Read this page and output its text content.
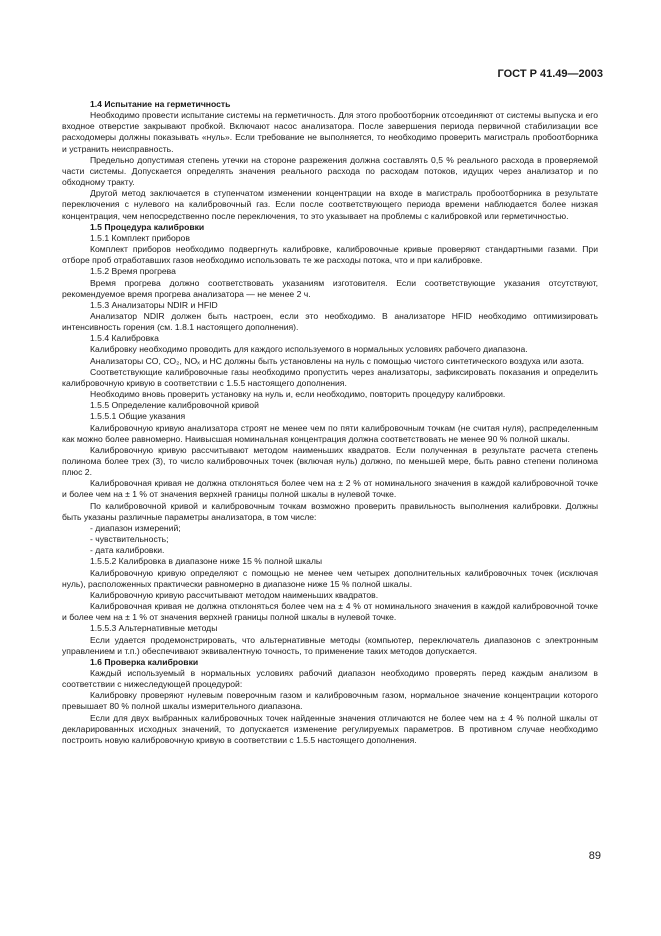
ГОСТ Р 41.49—2003

1.4 Испытание на герметичность

Необходимо провести испытание системы на герметичность. Для этого пробоотборник отсоединяют от системы выпуска и его входное отверстие закрывают пробкой. Включают насос анализатора. После завершения периода первичной стабилизации все расходомеры должны показывать «нуль». Если требование не выполняется, то необходимо проверить магистраль пробоотборника и устранить неисправность.

Предельно допустимая степень утечки на стороне разрежения должна составлять 0,5 % реального расхода в проверяемой части системы. Допускается определять значения реального расхода по расходам потоков, идущих через анализатор и по обходному тракту.

Другой метод заключается в ступенчатом изменении концентрации на входе в магистраль пробоотборника в результате переключения с нулевого на калибровочный газ. Если после соответствующего периода времени наблюдается более низкая концентрация, чем непосредственно после переключения, то это указывает на проблемы с калибровкой или герметичностью.

1.5 Процедура калибровки

1.5.1 Комплект приборов

Комплект приборов необходимо подвергнуть калибровке, калибровочные кривые проверяют стандартными газами. При отборе проб отработавших газов необходимо использовать те же расходы потока, что и при калибровке.

1.5.2 Время прогрева

Время прогрева должно соответствовать указаниям изготовителя. Если соответствующие указания отсутствуют, рекомендуемое время прогрева анализатора — не менее 2 ч.

1.5.3 Анализаторы NDIR и HFID

Анализатор NDIR должен быть настроен, если это необходимо. В анализаторе HFID необходимо оптимизировать интенсивность горения (см. 1.8.1 настоящего дополнения).

1.5.4 Калибровка

Калибровку необходимо проводить для каждого используемого в нормальных условиях рабочего диапазона.

Анализаторы CO, CO₂, NOₓ и HC должны быть установлены на нуль с помощью чистого синтетического воздуха или азота.

Соответствующие калибровочные газы необходимо пропустить через анализаторы, зафиксировать показания и определить калибровочную кривую в соответствии с 1.5.5 настоящего дополнения.

Необходимо вновь проверить установку на нуль и, если необходимо, повторить процедуру калибровки.

1.5.5 Определение калибровочной кривой

1.5.5.1 Общие указания

Калибровочную кривую анализатора строят не менее чем по пяти калибровочным точкам (не считая нуля), распределенным как можно более равномерно. Наивысшая номинальная концентрация должна соответствовать не менее 90 % полной шкалы.

Калибровочную кривую рассчитывают методом наименьших квадратов. Если полученная в результате расчета степень полинома более трех (3), то число калибровочных точек (включая нуль) должно, по меньшей мере, быть равно степени полинома плюс 2.

Калибровочная кривая не должна отклоняться более чем на ± 2 % от номинального значения в каждой калибровочной точке и более чем на ± 1 % от значения верхней границы полной шкалы в нулевой точке.

По калибровочной кривой и калибровочным точкам возможно проверить правильность выполнения калибровки. Должны быть указаны различные параметры анализатора, в том числе:

- диапазон измерений;

- чувствительность;

- дата калибровки.

1.5.5.2 Калибровка в диапазоне ниже 15 % полной шкалы

Калибровочную кривую определяют с помощью не менее чем четырех дополнительных калибровочных точек (исключая нуль), расположенных практически равномерно в диапазоне ниже 15 % полной шкалы.

Калибровочную кривую рассчитывают методом наименьших квадратов.

Калибровочная кривая не должна отклоняться более чем на ± 4 % от номинального значения в каждой калибровочной точке и более чем на ± 1 % от значения верхней границы полной шкалы в нулевой точке.

1.5.5.3 Альтернативные методы

Если удается продемонстрировать, что альтернативные методы (компьютер, переключатель диапазонов с электронным управлением и т.п.) обеспечивают эквивалентную точность, то применение таких методов допускается.

1.6 Проверка калибровки

Каждый используемый в нормальных условиях рабочий диапазон необходимо проверять перед каждым анализом в соответствии с нижеследующей процедурой:

Калибровку проверяют нулевым поверочным газом и калибровочным газом, нормальное значение концентрации которого превышает 80 % полной шкалы измерительного диапазона.

Если для двух выбранных калибровочных точек найденные значения отличаются не более чем на ± 4 % полной шкалы от декларированных исходных значений, то допускается изменение регулируемых параметров. В противном случае необходимо построить новую калибровочную кривую в соответствии с 1.5.5 настоящего дополнения.

89
